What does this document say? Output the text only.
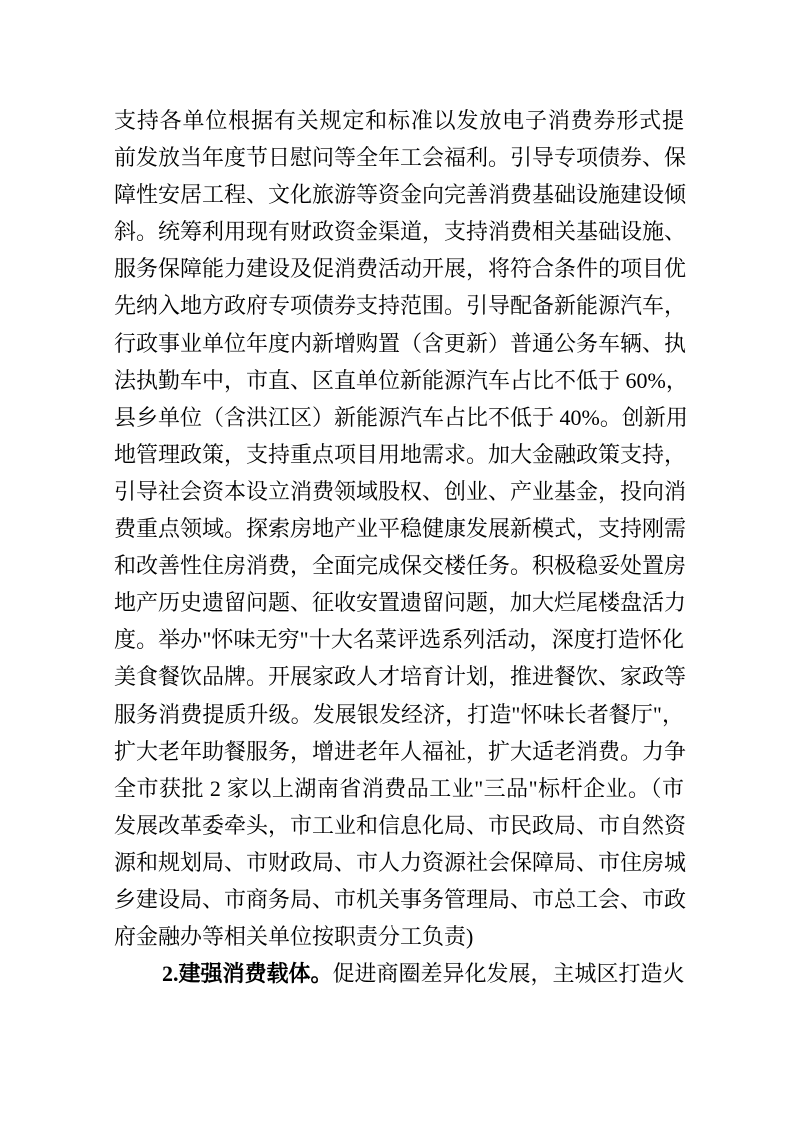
支持各单位根据有关规定和标准以发放电子消费券形式提
前发放当年度节日慰问等全年工会福利。引导专项债券、保
障性安居工程、文化旅游等资金向完善消费基础设施建设倾
斜。统筹利用现有财政资金渠道，支持消费相关基础设施、
服务保障能力建设及促消费活动开展，将符合条件的项目优
先纳入地方政府专项债券支持范围。引导配备新能源汽车，
行政事业单位年度内新增购置（含更新）普通公务车辆、执
法执勤车中，市直、区直单位新能源汽车占比不低于 60%，
县乡单位（含洪江区）新能源汽车占比不低于 40%。创新用
地管理政策，支持重点项目用地需求。加大金融政策支持，
引导社会资本设立消费领域股权、创业、产业基金，投向消
费重点领域。探索房地产业平稳健康发展新模式，支持刚需
和改善性住房消费，全面完成保交楼任务。积极稳妥处置房
地产历史遗留问题、征收安置遗留问题，加大烂尾楼盘活力
度。举办"怀味无穷"十大名菜评选系列活动，深度打造怀化
美食餐饮品牌。开展家政人才培育计划，推进餐饮、家政等
服务消费提质升级。发展银发经济，打造"怀味长者餐厅"，
扩大老年助餐服务，增进老年人福祉，扩大适老消费。力争
全市获批 2 家以上湖南省消费品工业"三品"标杆企业。（市
发展改革委牵头，市工业和信息化局、市民政局、市自然资
源和规划局、市财政局、市人力资源社会保障局、市住房城
乡建设局、市商务局、市机关事务管理局、市总工会、市政
府金融办等相关单位按职责分工负责)
2.建强消费载体。促进商圈差异化发展，主城区打造火
